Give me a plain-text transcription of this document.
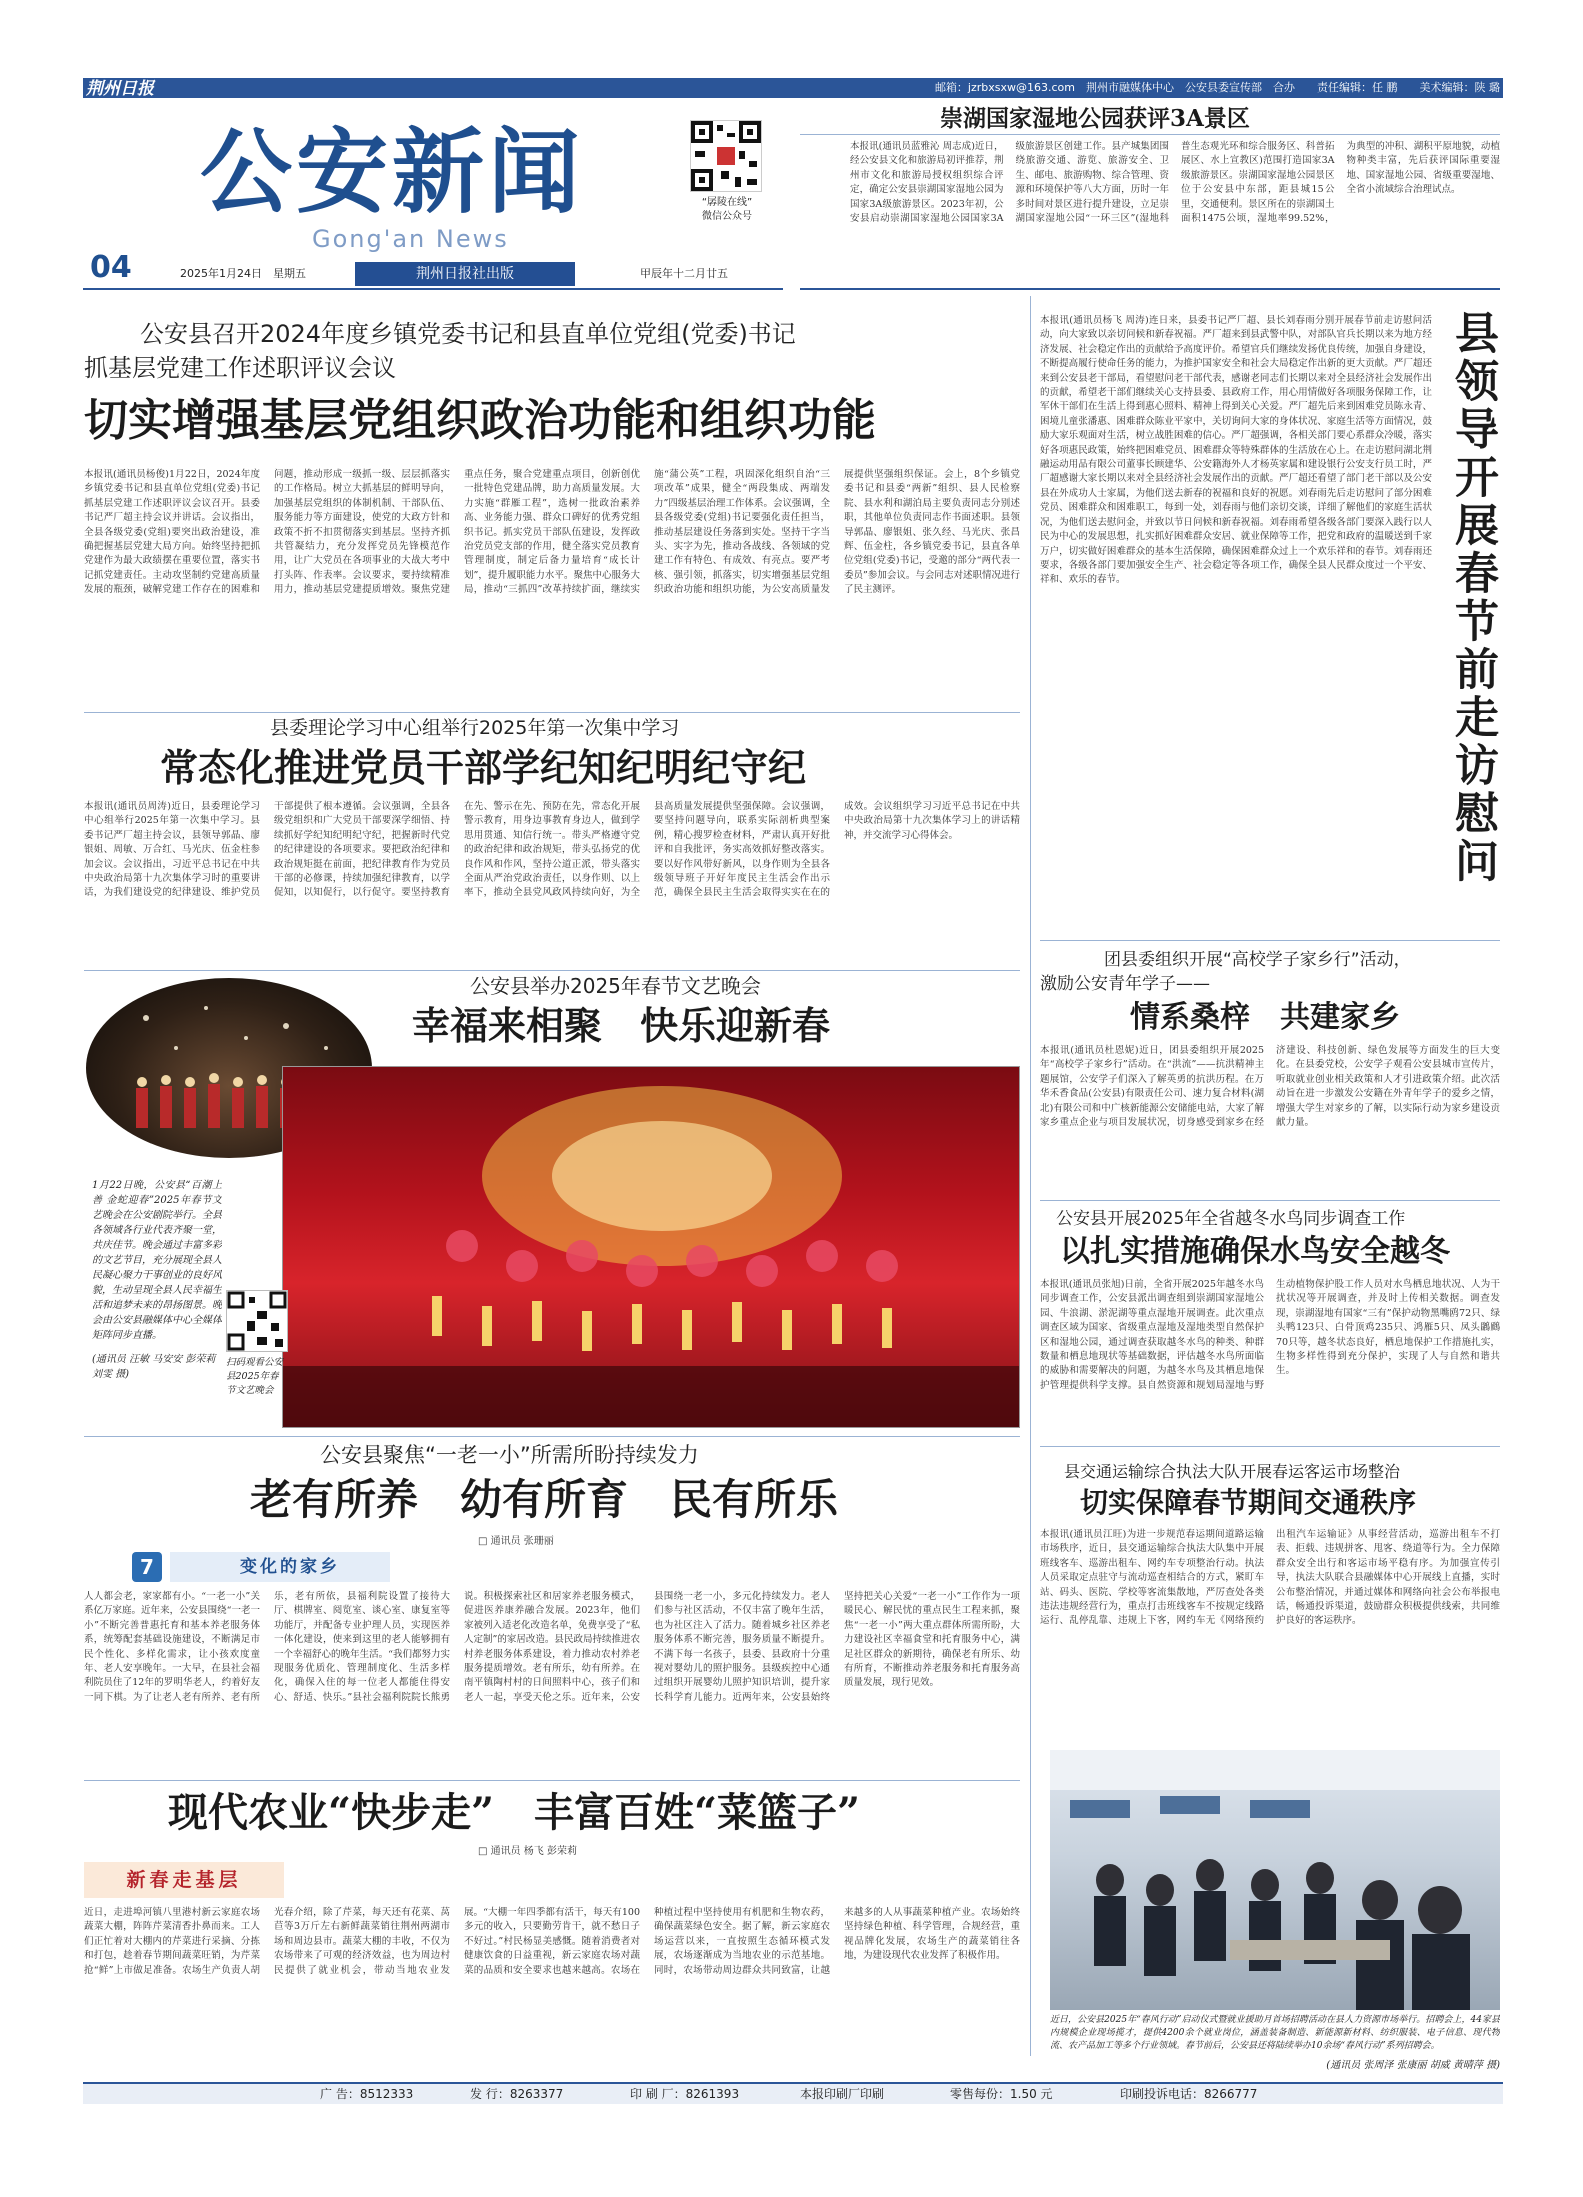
邮箱：jzrbxsxw@163.com　荆州市融媒体中心　公安县委宣传部　合办　　责任编辑：任 鹏　　美术编辑：陕 璐
荆州日报
公安新闻
Gong'an News
“孱陵在线”
微信公众号
04	2025年1月24日　星期五	荆州日报社出版	甲辰年十二月廿五
崇湖国家湿地公园获评3A景区
本报讯(通讯员蓝雅沁 周志成)近日，经公安县文化和旅游局初评推荐，荆州市文化和旅游局授权组织综合评定，确定公安县崇湖国家湿地公园为国家3A级旅游景区。2023年初，公安县启动崇湖国家湿地公园国家3A级旅游景区创建工作。县产城集团围绕旅游交通、游览、旅游安全、卫生、邮电、旅游购物、综合管理、资源和环境保护等八大方面，历时一年多时间对景区进行提升建设，立足崇湖国家湿地公园“一环三区”(湿地科普生态观光环和综合服务区、科普拓展区、水上宣教区)范围打造国家3A级旅游景区。崇湖国家湿地公园景区位于公安县中东部，距县城15公里，交通便利。景区所在的崇湖国土面积1475公顷，湿地率99.52%，为典型的冲积、湖积平原地貌，动植物种类丰富，先后获评国际重要湿地、国家湿地公园、省级重要湿地、全省小流域综合治理试点。
公安县召开2024年度乡镇党委书记和县直单位党组(党委)书记
抓基层党建工作述职评议会议
切实增强基层党组织政治功能和组织功能
本报讯(通讯员杨俊)1月22日，2024年度乡镇党委书记和县直单位党组(党委)书记抓基层党建工作述职评议会议召开。县委书记严厂超主持会议并讲话。会议指出，全县各级党委(党组)要突出政治建设，准确把握基层党建大局方向。始终坚持把抓党建作为最大政绩摆在重要位置，落实书记抓党建责任。主动攻坚制约党建高质量发展的瓶颈，破解党建工作存在的困难和问题，推动形成一级抓一级、层层抓落实的工作格局。树立大抓基层的鲜明导向，加强基层党组织的体制机制、干部队伍、服务能力等方面建设，使党的大政方针和政策不折不扣贯彻落实到基层。坚持齐抓共管凝结力，充分发挥党员先锋模范作用，让广大党员在各项事业的大战大考中打头阵、作表率。会议要求，要持续精准用力，推动基层党建提质增效。聚焦党建重点任务，聚合党建重点项目，创新创优一批特色党建品牌，助力高质量发展。大力实施“群雁工程”，选树一批政治素养高、业务能力强、群众口碑好的优秀党组织书记。抓实党员干部队伍建设，发挥政治党员党支部的作用，健全落实党员教育管理制度，制定后备力量培育“成长计划”，提升履职能力水平。聚焦中心服务大局，推动“三抓四”改革持续扩面，继续实施“蒲公英”工程，巩固深化组织自治“三项改革”成果，健全“两段集成、两端发力”四级基层治理工作体系。会议强调，全县各级党委(党组)书记要强化责任担当，推动基层建设任务落到实处。坚持干字当头、实字为先，推动各战线、各领域的党建工作有特色、有成效、有亮点。要严考核、强引领，抓落实，切实增强基层党组织政治功能和组织功能，为公安高质量发展提供坚强组织保证。会上，8个乡镇党委书记和县委“两新”组织、县人民检察院、县水利和湖泊局主要负责同志分别述职，其他单位负责同志作书面述职。县领导郭晶、廖银姐、张久经、马光庆、张昌辉、伍金柱，各乡镇党委书记，县直各单位党组(党委)书记，受邀的部分“两代表一委员”参加会议。与会同志对述职情况进行了民主测评。
县委理论学习中心组举行2025年第一次集中学习
常态化推进党员干部学纪知纪明纪守纪
本报讯(通讯员周涛)近日，县委理论学习中心组举行2025年第一次集中学习。县委书记严厂超主持会议，县领导郭晶、廖银姐、周敏、万合红、马光庆、伍金柱参加会议。会议指出，习近平总书记在中共中央政治局第十九次集体学习时的重要讲话，为我们建设党的纪律建设、维护党员干部提供了根本遵循。会议强调，全县各级党组织和广大党员干部要深学细悟、持续抓好学纪知纪明纪守纪，把握新时代党的纪律建设的各项要求。要把政治纪律和政治规矩挺在前面，把纪律教育作为党员干部的必修课，持续加强纪律教育，以学促知，以知促行，以行促守。要坚持教育在先、警示在先、预防在先，常态化开展警示教育，用身边事教育身边人，做到学思用贯通、知信行统一。带头严格遵守党的政治纪律和政治规矩，带头弘扬党的优良作风和作风，坚持公道正派，带头落实全面从严治党政治责任，以身作则、以上率下，推动全县党风政风持续向好，为全县高质量发展提供坚强保障。会议强调，要坚持问题导向，联系实际剖析典型案例，精心搜罗检查材料，严肃认真开好批评和自我批评，务实高效抓好整改落实。要以好作风带好新风，以身作则为全县各级领导班子开好年度民主生活会作出示范，确保全县民主生活会取得实实在在的成效。会议组织学习习近平总书记在中共中央政治局第十九次集体学习上的讲话精神，并交流学习心得体会。
公安县举办2025年春节文艺晚会
幸福来相聚　快乐迎新春
1月22日晚，公安县“百潮上善 金蛇迎春”2025年春节文艺晚会在公安剧院举行。全县各领域各行业代表齐聚一堂，共庆佳节。晚会通过丰富多彩的文艺节目，充分展现全县人民凝心聚力干事创业的良好风貌，生动呈现全县人民幸福生活和追梦未来的昂扬图景。晚会由公安县融媒体中心全媒体矩阵同步直播。
(通讯员 汪敏 马安安 彭荣莉 刘雯 摄)
扫码观看公安县2025年春节文艺晚会
公安县聚焦“一老一小”所需所盼持续发力
老有所养　幼有所育　民有所乐
□ 通讯员 张珊丽
7	变化的家乡
人人都会老，家家都有小。“一老一小”关系亿万家庭。近年来，公安县围绕“一老一小”不断完善普惠托育和基本养老服务体系，统筹配套基础设施建设，不断满足市民个性化、多样化需求，让小孩欢度童年、老人安享晚年。一大早，在县社会福利院员住了12年的罗明华老人，约着好友一同下棋。为了让老人老有所养、老有所乐，老有所依，县福利院设置了接待大厅、棋牌室、阅览室、谈心室、康复室等功能厅，并配备专业护理人员，实现医养一体化建设，使来到这里的老人能够拥有一个幸福舒心的晚年生活。“我们都努力实现服务优质化、管理制度化、生活多样化，确保入住的每一位老人都能住得安心、舒适、快乐。”县社会福利院院长熊勇说。积极探索社区和居家养老服务模式，促进医养康养融合发展。2023年，他们家被列入适老化改造名单，免费享受了“私人定制”的家居改造。县民政局持续推进农村养老服务体系建设，着力推动农村养老服务提质增效。老有所乐，幼有所养。在南平镇陶村村的日间照料中心，孩子们和老人一起，享受天伦之乐。近年来，公安县围绕一老一小，多元化持续发力。老人们参与社区活动，不仅丰富了晚年生活，也为社区注入了活力。随着城乡社区养老服务体系不断完善，服务质量不断提升。不满下每一名孩子，县委、县政府十分重视对婴幼儿的照护服务。县级疾控中心通过组织开展婴幼儿照护知识培训，提升家长科学育儿能力。近两年来，公安县始终坚持把关心关爱“一老一小”工作作为一项暖民心、解民忧的重点民生工程来抓，聚焦“一老一小”两大重点群体所需所盼，大力建设社区幸福食堂和托育服务中心，满足社区群众的新期待，确保老有所乐、幼有所育，不断推动养老服务和托育服务高质量发展，现行见效。
现代农业“快步走”　丰富百姓“菜篮子”
□ 通讯员 杨飞 彭荣莉
新春走基层
近日，走进埠河镇八里港村新云家庭农场蔬菜大棚，阵阵芹菜清香扑鼻而来。工人们正忙着对大棚内的芹菜进行采摘、分拣和打包，趁着春节期间蔬菜旺销，为芹菜抢“鲜”上市做足准备。农场生产负责人胡光春介绍，除了芹菜，每天还有花菜、莴苣等3万斤左右新鲜蔬菜销往荆州两湖市场和周边县市。蔬菜大棚的丰收，不仅为农场带来了可观的经济效益，也为周边村民提供了就业机会，带动当地农业发展。“大棚一年四季都有活干，每天有100多元的收入，只要勤劳肯干，就不愁日子不好过。”村民杨显美感慨。随着消费者对健康饮食的日益重视，新云家庭农场对蔬菜的品质和安全要求也越来越高。农场在种植过程中坚持使用有机肥和生物农药，确保蔬菜绿色安全。据了解，新云家庭农场运营以来，一直按照生态循环模式发展，农场逐渐成为当地农业的示范基地。同时，农场带动周边群众共同致富，让越来越多的人从事蔬菜种植产业。农场始终坚持绿色种植、科学管理，合规经营，重视品牌化发展，农场生产的蔬菜销往各地，为建设现代农业发挥了积极作用。
县领导开展春节前走访慰问
本报讯(通讯员杨飞 周涛)连日来，县委书记严厂超、县长刘春雨分别开展春节前走访慰问活动，向大家致以亲切问候和新春祝福。严厂超来到县武警中队，对部队官兵长期以来为地方经济发展、社会稳定作出的贡献给予高度评价。希望官兵们继续发扬优良传统，加强自身建设，不断提高履行使命任务的能力，为推护国家安全和社会大局稳定作出新的更大贡献。严厂超还来到公安县老干部局，看望慰问老干部代表，感谢老同志们长期以来对全县经济社会发展作出的贡献，希望老干部们继续关心支持县委、县政府工作，用心用情做好各项服务保障工作，让军休干部们在生活上得到惠心照料、精神上得到关心关爱。严厂超先后来到困难党员陈永青、困境儿童张潘惠、困难群众陈业平家中，关切询问大家的身体状况、家庭生活等方面情况，鼓励大家乐观面对生活，树立战胜困难的信心。严厂超强调，各相关部门要心系群众冷暖，落实好各项惠民政策，始终把困难党员、困难群众等特殊群体的生活放在心上。在走访慰问湖北荆融运动用品有限公司董事长顾建华、公安籍海外人才杨英家属和建设银行公安支行员工时，严厂超感谢大家长期以来对全县经济社会发展作出的贡献。严厂超还看望了部门老干部以及公安县在外成功人士家属，为他们送去新春的祝福和良好的祝愿。刘春雨先后走访慰问了部分困难党员、困难群众和困难职工，每到一处，刘春雨与他们亲切交谈，详细了解他们的家庭生活状况，为他们送去慰问金，并致以节日问候和新春祝福。刘春雨希望各级各部门要深入践行以人民为中心的发展思想，扎实抓好困难群众安居、就业保障等工作，把党和政府的温暖送到千家万户，切实做好困难群众的基本生活保障，确保困难群众过上一个欢乐祥和的春节。刘春雨还要求，各级各部门要加强安全生产、社会稳定等各项工作，确保全县人民群众度过一个平安、祥和、欢乐的春节。
团县委组织开展“高校学子家乡行”活动，
激励公安青年学子——
情系桑梓　共建家乡
本报讯(通讯员杜恩妮)近日，团县委组织开展2025年“高校学子家乡行”活动。在“洪流”——抗洪精神主题展馆，公安学子们深入了解英勇的抗洪历程。在万华禾香食品(公安县)有限责任公司、速力复合材料(湖北)有限公司和中广核新能源公安储能电站，大家了解家乡重点企业与项目发展状况，切身感受到家乡在经济建设、科技创新、绿色发展等方面发生的巨大变化。在县委党校，公安学子观看公安县城市宣传片，听取就业创业相关政策和人才引进政策介绍。此次活动旨在进一步激发公安籍在外青年学子的爱乡之情，增强大学生对家乡的了解，以实际行动为家乡建设贡献力量。
公安县开展2025年全省越冬水鸟同步调查工作
以扎实措施确保水鸟安全越冬
本报讯(通讯员张旭)日前，全省开展2025年越冬水鸟同步调查工作，公安县派出调查组到崇湖国家湿地公园、牛浪湖、淤泥湖等重点湿地开展调查。此次重点调查区域为国家、省级重点湿地及湿地类型自然保护区和湿地公园，通过调查获取越冬水鸟的种类、种群数量和栖息地现状等基础数据，评估越冬水鸟所面临的威胁和需要解决的问题，为越冬水鸟及其栖息地保护管理提供科学支撑。县自然资源和规划局湿地与野生动植物保护股工作人员对水鸟栖息地状况、人为干扰状况等开展调查，并及时上传相关数据。调查发现，崇湖湿地有国家“三有”保护动物黑嘴鸥72只、绿头鸭123只、白骨顶鸡235只、鸿雁5只、凤头鸊鷉70只等，越冬状态良好，栖息地保护工作措施扎实，生物多样性得到充分保护，实现了人与自然和谐共生。
县交通运输综合执法大队开展春运客运市场整治
切实保障春节期间交通秩序
本报讯(通讯员江旺)为进一步规范春运期间道路运输市场秩序，近日，县交通运输综合执法大队集中开展班线客车、巡游出租车、网约车专项整治行动。执法人员采取定点驻守与流动巡查相结合的方式，紧盯车站、码头、医院、学校等客流集散地，严厉查处各类违法违规经营行为，重点打击班线客车不按规定线路运行、乱停乱靠、违规上下客，网约车无《网络预约出租汽车运输证》从事经营活动，巡游出租车不打表、拒载、违规拼客、甩客、绕道等行为。全力保障群众安全出行和客运市场平稳有序。为加强宣传引导，执法大队联合县融媒体中心开展线上直播，实时公布整治情况，并通过媒体和网络向社会公布举报电话，畅通投诉渠道，鼓励群众积极提供线索，共同维护良好的客运秩序。
近日，公安县2025年“春风行动”启动仪式暨就业援助月首场招聘活动在县人力资源市场举行。招聘会上，44家县内规模企业现场揽才，提供4200余个就业岗位，涵盖装备制造、新能源新材料、纺织服装、电子信息、现代物流、农产品加工等多个行业领域。春节前后，公安县还将陆续举办10余场“春风行动”系列招聘会。
(通讯员 张周泽 张康丽 胡威 黄晴萍 摄)
广 告：8512333	发 行：8263377	印 刷 厂：8261393	本报印刷厂印刷	零售每份：1.50 元	印刷投诉电话：8266777
